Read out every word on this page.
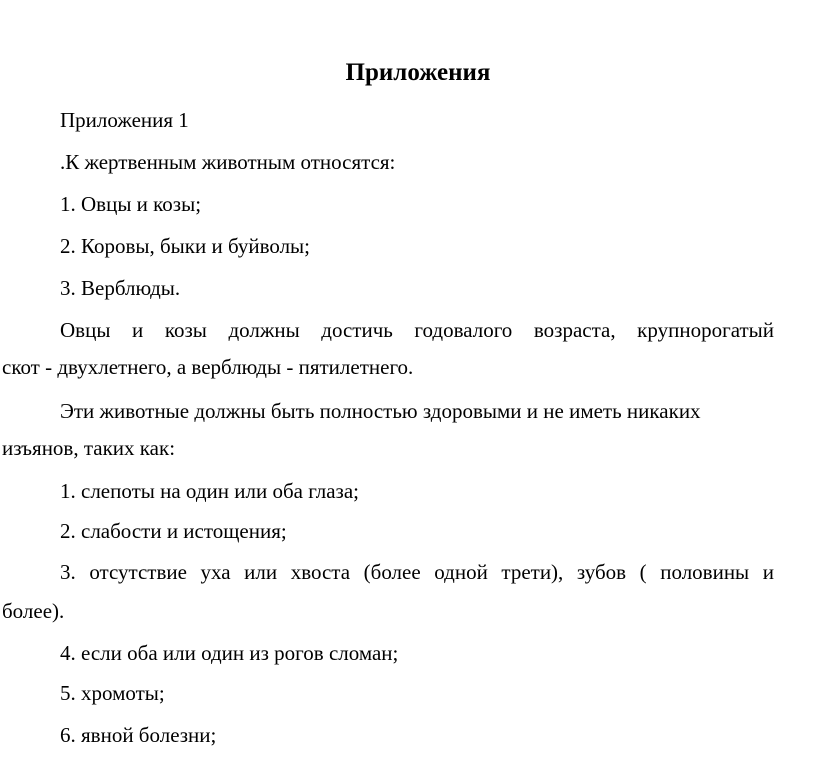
Приложения
Приложения 1
.К жертвенным животным относятся:
1. Овцы и козы;
2. Коровы, быки и буйволы;
3. Верблюды.
Овцы и козы должны достичь годовалого возраста, крупнорогатый
скот - двухлетнего, а верблюды - пятилетнего.
Эти животные должны быть полностью здоровыми и не иметь никаких
изъянов, таких как:
1. слепоты на один или оба глаза;
2. слабости и истощения;
3. отсутствие уха или хвоста (более одной трети), зубов ( половины и
более).
4. если оба или один из рогов сломан;
5. хромоты;
6. явной болезни;
